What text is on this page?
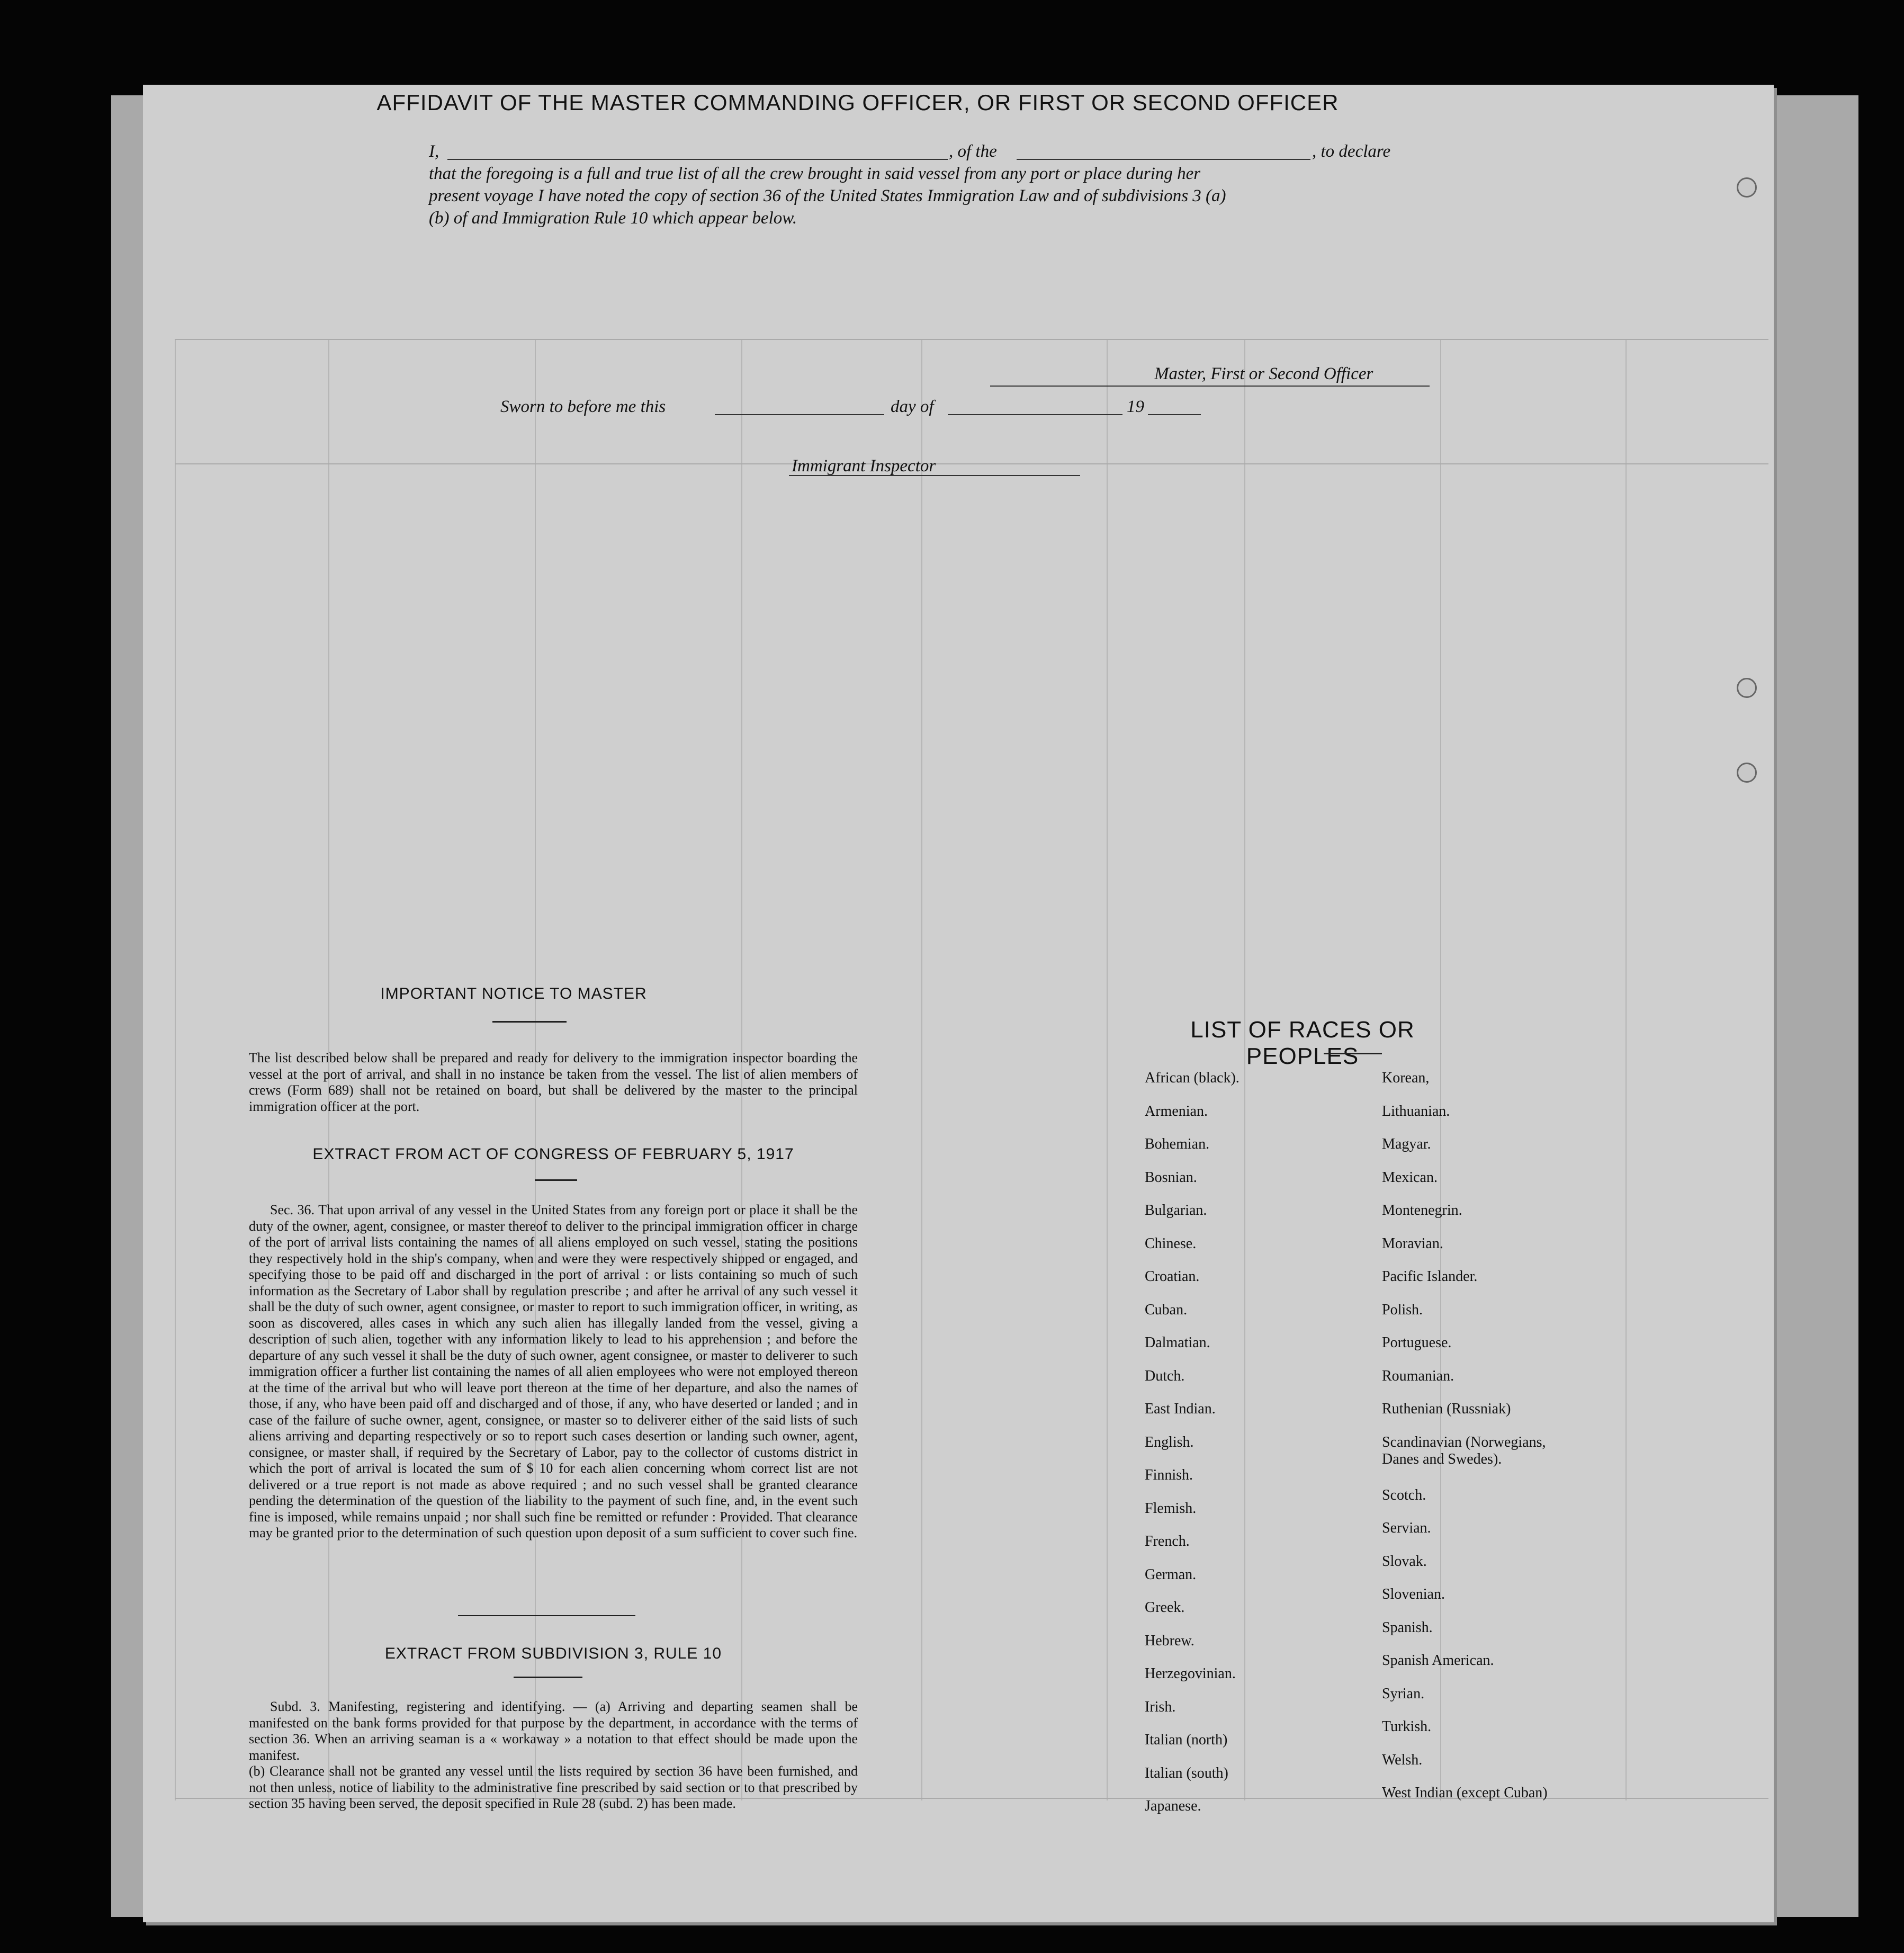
AFFIDAVIT OF THE MASTER COMMANDING OFFICER, OR FIRST OR SECOND OFFICER
I,	, of the	, to declare
that the foregoing is a full and true list of all the crew brought in said vessel from any port or place during her
present voyage I have noted the copy of section 36 of the United States Immigration Law and of subdivisions 3 (a)
(b) of and Immigration Rule 10 which appear below.
Master, First or Second Officer
Sworn to before me this	day of	19
Immigrant Inspector
IMPORTANT NOTICE TO MASTER
The list described below shall be prepared and ready for delivery to the immigration inspector boarding the vessel at the port of arrival, and shall in no instance be taken from the vessel. The list of alien members of crews (Form 689) shall not be retained on board, but shall be delivered by the master to the principal immigration officer at the port.
EXTRACT FROM ACT OF CONGRESS OF FEBRUARY 5, 1917
Sec. 36. That upon arrival of any vessel in the United States from any foreign port or place it shall be the duty of the owner, agent, consignee, or master thereof to deliver to the principal immigration officer in charge of the port of arrival lists containing the names of all aliens employed on such vessel, stating the positions they respectively hold in the ship's company, when and were they were respectively shipped or engaged, and specifying those to be paid off and discharged in the port of arrival : or lists containing so much of such information as the Secretary of Labor shall by regulation prescribe ; and after he arrival of any such vessel it shall be the duty of such owner, agent consignee, or master to report to such immigration officer, in writing, as soon as discovered, alles cases in which any such alien has illegally landed from the vessel, giving a description of such alien, together with any information likely to lead to his apprehension ; and before the departure of any such vessel it shall be the duty of such owner, agent consignee, or master to deliverer to such immigration officer a further list containing the names of all alien employees who were not employed thereon at the time of the arrival but who will leave port thereon at the time of her departure, and also the names of those, if any, who have been paid off and discharged and of those, if any, who have deserted or landed ; and in case of the failure of suche owner, agent, consignee, or master so to deliverer either of the said lists of such aliens arriving and departing respectively or so to report such cases desertion or landing such owner, agent, consignee, or master shall, if required by the Secretary of Labor, pay to the collector of customs district in which the port of arrival is located the sum of $ 10 for each alien concerning whom correct list are not delivered or a true report is not made as above required ; and no such vessel shall be granted clearance pending the determination of the question of the liability to the payment of such fine, and, in the event such fine is imposed, while remains unpaid ; nor shall such fine be remitted or refunder : Provided. That clearance may be granted prior to the determination of such question upon deposit of a sum sufficient to cover such fine.
EXTRACT FROM SUBDIVISION 3, RULE 10
Subd. 3. Manifesting, registering and identifying. — (a) Arriving and departing seamen shall be manifested on the bank forms provided for that purpose by the department, in accordance with the terms of section 36. When an arriving seaman is a « workaway » a notation to that effect should be made upon the manifest.
(b) Clearance shall not be granted any vessel until the lists required by section 36 have been furnished, and not then unless, notice of liability to the administrative fine prescribed by said section or to that prescribed by section 35 having been served, the deposit specified in Rule 28 (subd. 2) has been made.
LIST OF RACES OR PEOPLES
African (black).
Armenian.
Bohemian.
Bosnian.
Bulgarian.
Chinese.
Croatian.
Cuban.
Dalmatian.
Dutch.
East Indian.
English.
Finnish.
Flemish.
French.
German.
Greek.
Hebrew.
Herzegovinian.
Irish.
Italian (north)
Italian (south)
Japanese.
Korean,
Lithuanian.
Magyar.
Mexican.
Montenegrin.
Moravian.
Pacific Islander.
Polish.
Portuguese.
Roumanian.
Ruthenian (Russniak)
Scandinavian (Norwegians, Danes and Swedes).
Scotch.
Servian.
Slovak.
Slovenian.
Spanish.
Spanish American.
Syrian.
Turkish.
Welsh.
West Indian (except Cuban)
